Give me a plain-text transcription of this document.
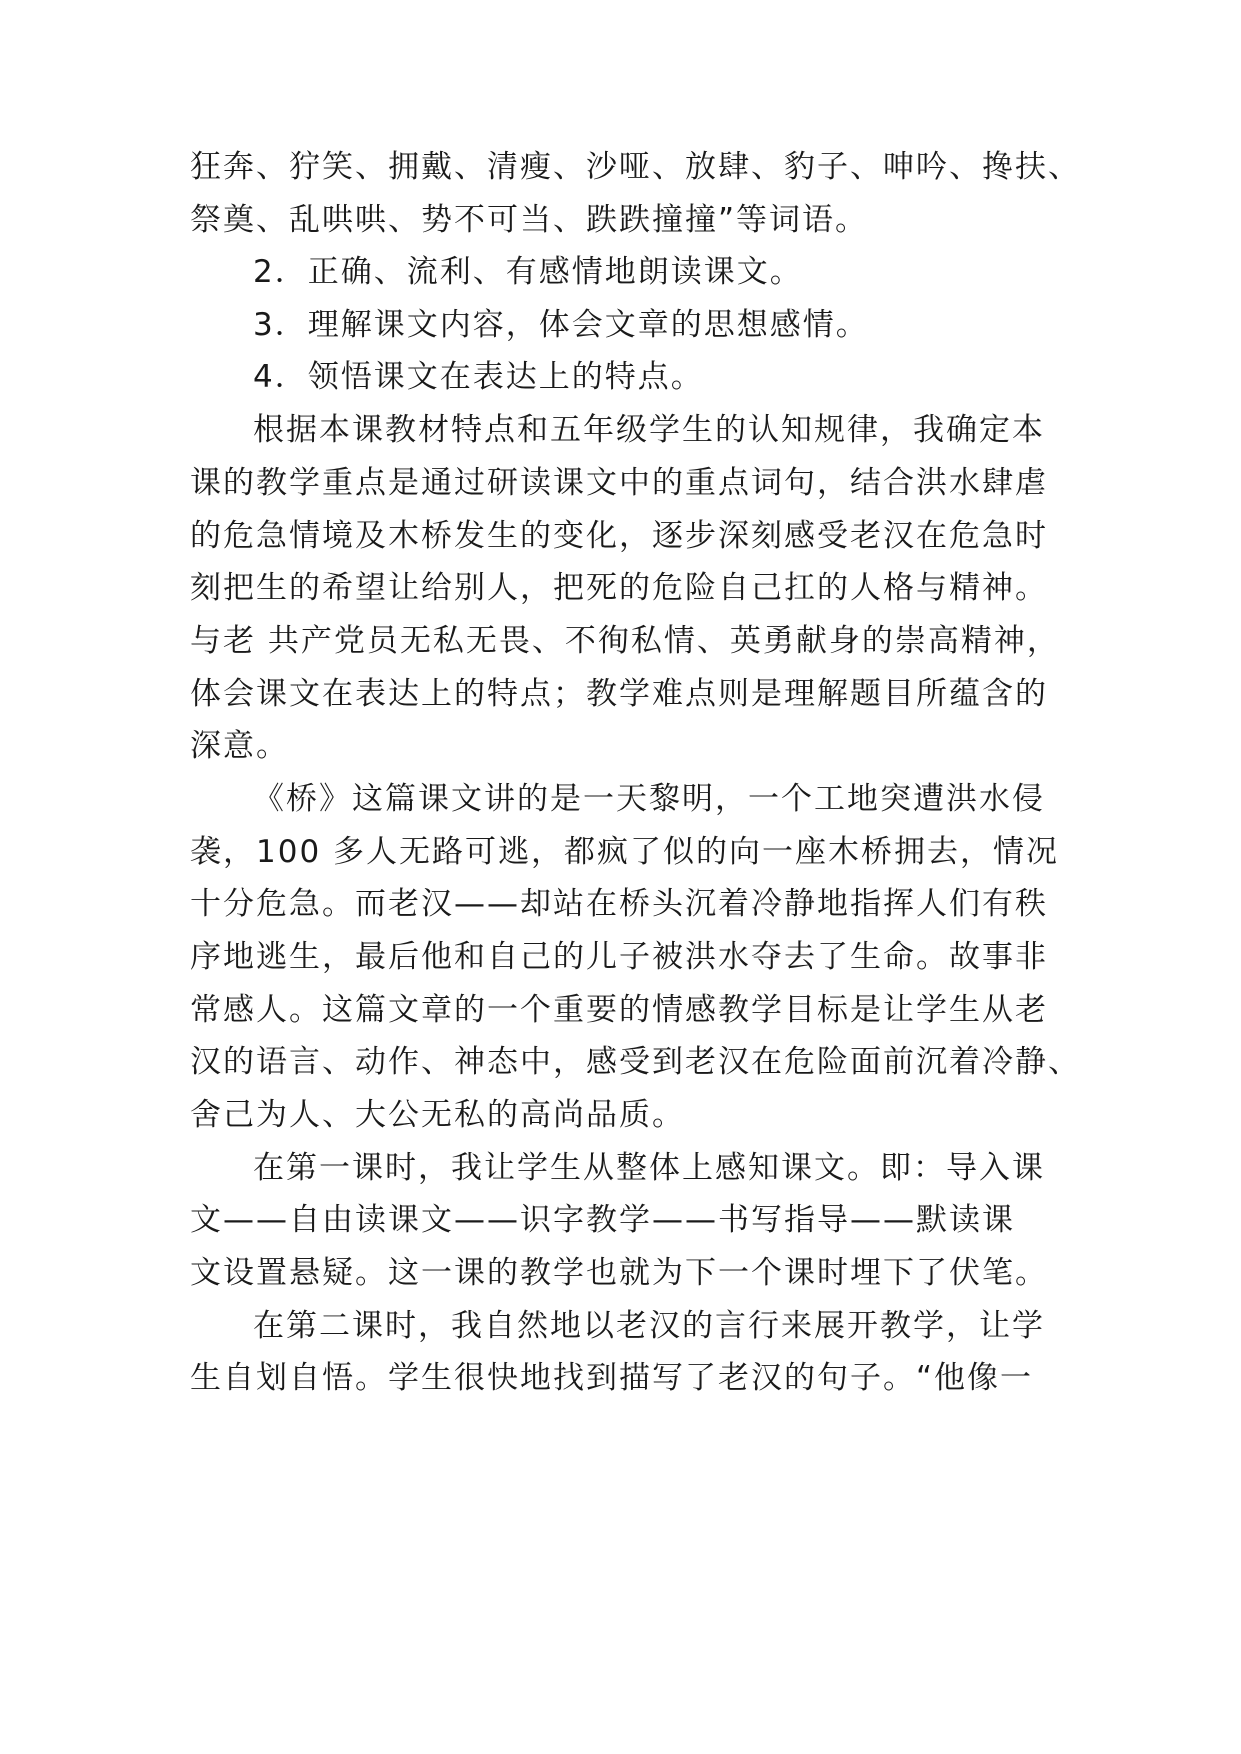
狂奔、狞笑、拥戴、清瘦、沙哑、放肆、豹子、呻吟、搀扶、
祭奠、乱哄哄、势不可当、跌跌撞撞”等词语。
2．正确、流利、有感情地朗读课文。
3．理解课文内容，体会文章的思想感情。
4．领悟课文在表达上的特点。
根据本课教材特点和五年级学生的认知规律，我确定本
课的教学重点是通过研读课文中的重点词句，结合洪水肆虐
的危急情境及木桥发生的变化，逐步深刻感受老汉在危急时
刻把生的希望让给别人，把死的危险自己扛的人格与精神。
与老 共产党员无私无畏、不徇私情、英勇献身的崇高精神，
体会课文在表达上的特点；教学难点则是理解题目所蕴含的
深意。
《桥》这篇课文讲的是一天黎明，一个工地突遭洪水侵
袭，100 多人无路可逃，都疯了似的向一座木桥拥去，情况
十分危急。而老汉——却站在桥头沉着冷静地指挥人们有秩
序地逃生，最后他和自己的儿子被洪水夺去了生命。故事非
常感人。这篇文章的一个重要的情感教学目标是让学生从老
汉的语言、动作、神态中，感受到老汉在危险面前沉着冷静、
舍己为人、大公无私的高尚品质。
在第一课时，我让学生从整体上感知课文。即：导入课
文——自由读课文——识字教学——书写指导——默读课
文设置悬疑。这一课的教学也就为下一个课时埋下了伏笔。
在第二课时，我自然地以老汉的言行来展开教学，让学
生自划自悟。学生很快地找到描写了老汉的句子。“他像一
